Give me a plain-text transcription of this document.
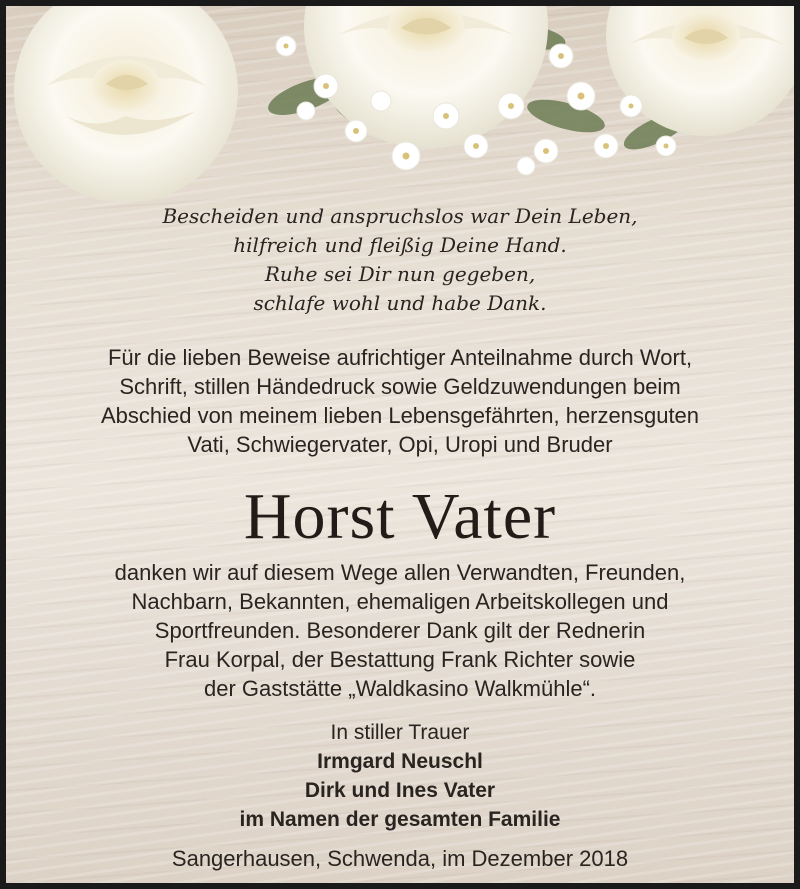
Bescheiden und anspruchslos war Dein Leben,
hilfreich und fleißig Deine Hand.
Ruhe sei Dir nun gegeben,
schlafe wohl und habe Dank.
Für die lieben Beweise aufrichtiger Anteilnahme durch Wort,
Schrift, stillen Händedruck sowie Geldzuwendungen beim
Abschied von meinem lieben Lebensgefährten, herzensguten
Vati, Schwiegervater, Opi, Uropi und Bruder
Horst Vater
danken wir auf diesem Wege allen Verwandten, Freunden,
Nachbarn, Bekannten, ehemaligen Arbeitskollegen und
Sportfreunden. Besonderer Dank gilt der Rednerin
Frau Korpal, der Bestattung Frank Richter sowie
der Gaststätte „Waldkasino Walkmühle“.
In stiller Trauer
Irmgard Neuschl
Dirk und Ines Vater
im Namen der gesamten Familie
Sangerhausen, Schwenda, im Dezember 2018
